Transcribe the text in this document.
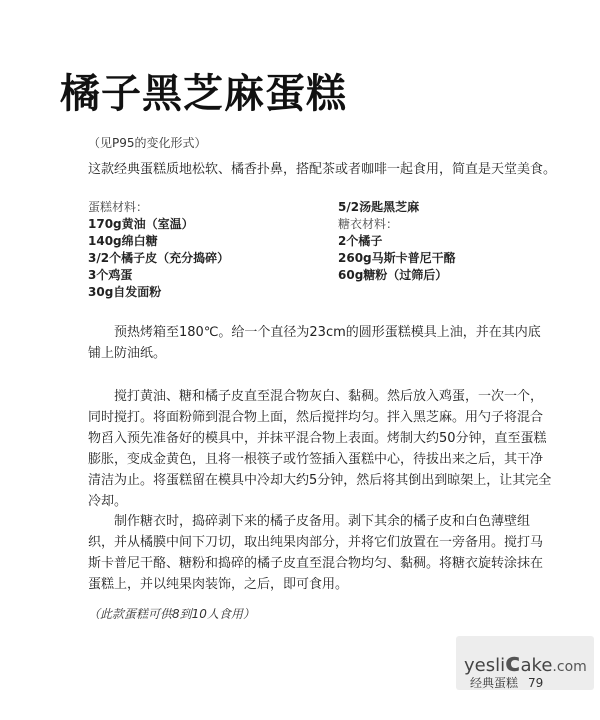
橘子黑芝麻蛋糕
（见P95的变化形式）
这款经典蛋糕质地松软、橘香扑鼻，搭配茶或者咖啡一起食用，简直是天堂美食。
蛋糕材料：
170g黄油（室温）
140g绵白糖
3/2个橘子皮（充分捣碎）
3个鸡蛋
30g自发面粉
5/2汤匙黑芝麻
糖衣材料：
2个橘子
260g马斯卡普尼干酪
60g糖粉（过筛后）

预热烤箱至180℃。给一个直径为23cm的圆形蛋糕模具上油，并在其内底铺上防油纸。

搅打黄油、糖和橘子皮直至混合物灰白、黏稠。然后放入鸡蛋，一次一个，同时搅打。将面粉筛到混合物上面，然后搅拌均匀。拌入黑芝麻。用勺子将混合物舀入预先准备好的模具中，并抹平混合物上表面。烤制大约50分钟，直至蛋糕膨胀，变成金黄色，且将一根筷子或竹签插入蛋糕中心，待拔出来之后，其干净清洁为止。将蛋糕留在模具中冷却大约5分钟，然后将其倒出到晾架上，让其完全冷却。

制作糖衣时，捣碎剥下来的橘子皮备用。剥下其余的橘子皮和白色薄壁组织，并从橘膜中间下刀切，取出纯果肉部分，并将它们放置在一旁备用。搅打马斯卡普尼干酪、糖粉和捣碎的橘子皮直至混合物均匀、黏稠。将糖衣旋转涂抹在蛋糕上，并以纯果肉装饰，之后，即可食用。

（此款蛋糕可供8到10人食用）
yeslicake.com
经典蛋糕 79
